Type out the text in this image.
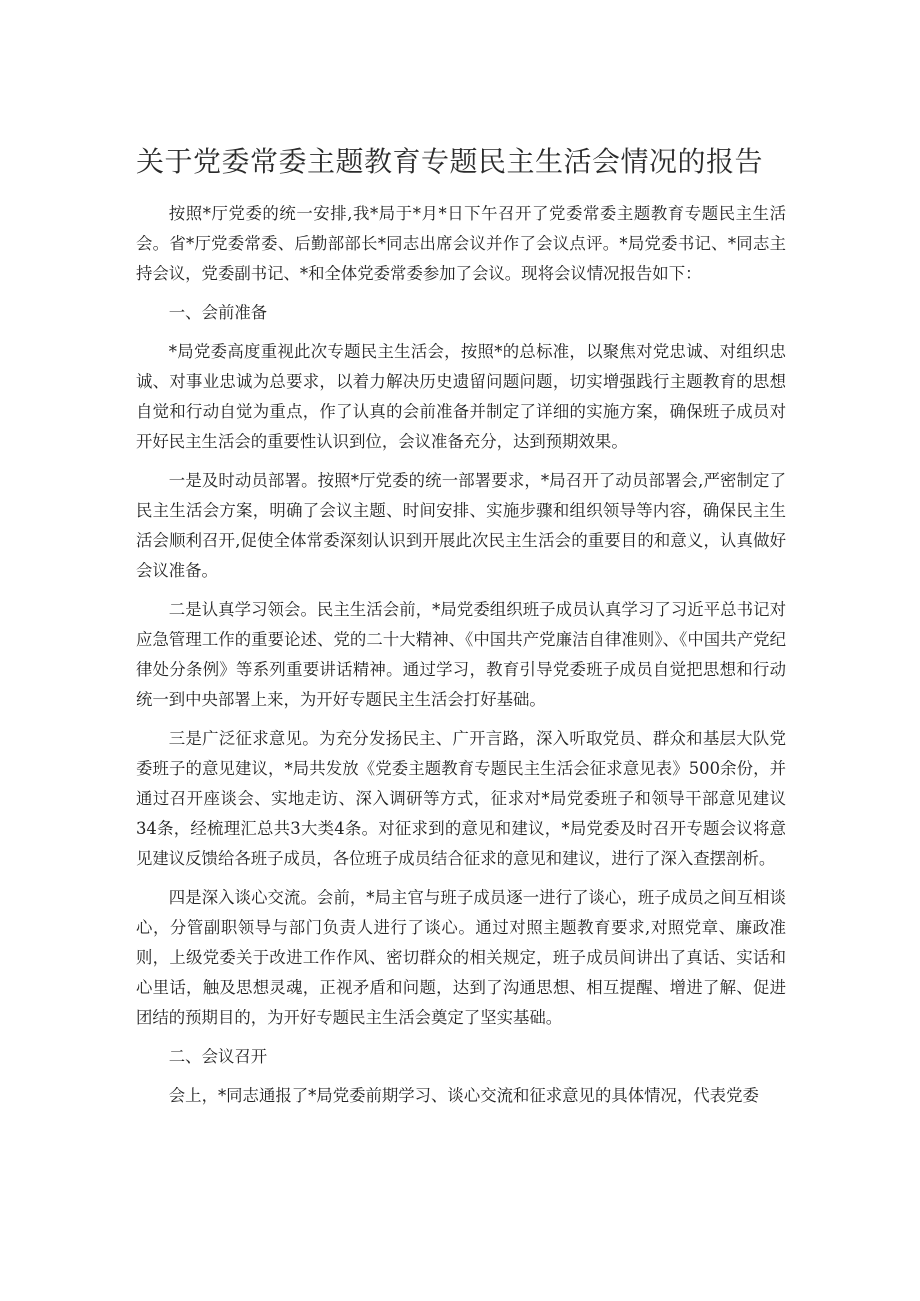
关于党委常委主题教育专题民主生活会情况的报告

按照*厅党委的统一安排,我*局于*月*日下午召开了党委常委主题教育专题民主生活会。省*厅党委常委、后勤部部长*同志出席会议并作了会议点评。*局党委书记、*同志主持会议，党委副书记、*和全体党委常委参加了会议。现将会议情况报告如下：

一、会前准备

*局党委高度重视此次专题民主生活会，按照*的总标准，以聚焦对党忠诚、对组织忠诚、对事业忠诚为总要求，以着力解决历史遗留问题问题，切实增强践行主题教育的思想自觉和行动自觉为重点，作了认真的会前准备并制定了详细的实施方案，确保班子成员对开好民主生活会的重要性认识到位，会议准备充分，达到预期效果。

一是及时动员部署。按照*厅党委的统一部署要求，*局召开了动员部署会,严密制定了民主生活会方案，明确了会议主题、时间安排、实施步骤和组织领导等内容，确保民主生活会顺利召开,促使全体常委深刻认识到开展此次民主生活会的重要目的和意义，认真做好会议准备。

二是认真学习领会。民主生活会前，*局党委组织班子成员认真学习了习近平总书记对应急管理工作的重要论述、党的二十大精神、《中国共产党廉洁自律准则》、《中国共产党纪律处分条例》等系列重要讲话精神。通过学习，教育引导党委班子成员自觉把思想和行动统一到中央部署上来，为开好专题民主生活会打好基础。

三是广泛征求意见。为充分发扬民主、广开言路，深入听取党员、群众和基层大队党委班子的意见建议，*局共发放《党委主题教育专题民主生活会征求意见表》500余份，并通过召开座谈会、实地走访、深入调研等方式，征求对*局党委班子和领导干部意见建议34条，经梳理汇总共3大类4条。对征求到的意见和建议，*局党委及时召开专题会议将意见建议反馈给各班子成员，各位班子成员结合征求的意见和建议，进行了深入查摆剖析。

四是深入谈心交流。会前，*局主官与班子成员逐一进行了谈心，班子成员之间互相谈心，分管副职领导与部门负责人进行了谈心。通过对照主题教育要求,对照党章、廉政准则，上级党委关于改进工作作风、密切群众的相关规定，班子成员间讲出了真话、实话和心里话，触及思想灵魂，正视矛盾和问题，达到了沟通思想、相互提醒、增进了解、促进团结的预期目的，为开好专题民主生活会奠定了坚实基础。

二、会议召开

会上，*同志通报了*局党委前期学习、谈心交流和征求意见的具体情况，代表党委
